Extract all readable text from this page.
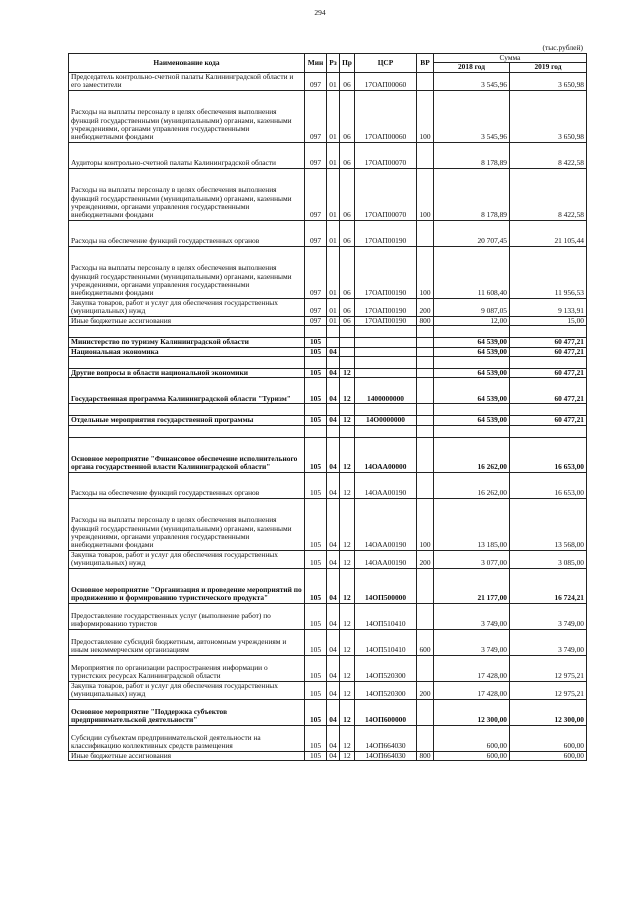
294
(тыс.рублей)
Наименование кода	Мин	Рз	Пр	ЦСР	ВР	Сумма	
						2018 год	2019 год
Председатель контрольно-счетной палаты Калининградской области и его заместители	097	01	06	17ОАП00060		3 545,96	3 650,98
Расходы на выплаты персоналу в целях обеспечения выполнения функций государственными (муниципальными) органами, казенными учреждениями, органами управления государственными внебюджетными фондами	097	01	06	17ОАП00060	100	3 545,96	3 650,98
Аудиторы контрольно-счетной палаты Калининградской области	097	01	06	17ОАП00070		8 178,89	8 422,58
Расходы на выплаты персоналу в целях обеспечения выполнения функций государственными (муниципальными) органами, казенными учреждениями, органами управления государственными внебюджетными фондами	097	01	06	17ОАП00070	100	8 178,89	8 422,58
Расходы на обеспечение функций государственных органов	097	01	06	17ОАП00190		20 707,45	21 105,44
Расходы на выплаты персоналу в целях обеспечения выполнения функций государственными (муниципальными) органами, казенными учреждениями, органами управления государственными внебюджетными фондами	097	01	06	17ОАП00190	100	11 608,40	11 956,53
Закупка товаров, работ и услуг для обеспечения государственных (муниципальных) нужд	097	01	06	17ОАП00190	200	9 087,05	9 133,91
Иные бюджетные ассигнования	097	01	06	17ОАП00190	800	12,00	15,00

Министерство по туризму Калининградской области	105					64 539,00	60 477,21
Национальная экономика	105	04				64 539,00	60 477,21

Другие вопросы в области национальной экономики	105	04	12			64 539,00	60 477,21
Государственная программа Калининградской области "Туризм"	105	04	12	1400000000		64 539,00	60 477,21

Отдельные мероприятия государственной программы	105	04	12	14О0000000		64 539,00	60 477,21

Основное мероприятие "Финансовое обеспечение исполнительного органа государственной власти Калининградской области"	105	04	12	14ОАА00000		16 262,00	16 653,00
Расходы на обеспечение функций государственных органов	105	04	12	14ОАА00190		16 262,00	16 653,00
Расходы на выплаты персоналу в целях обеспечения выполнения функций государственными (муниципальными) органами, казенными учреждениями, органами управления государственными внебюджетными фондами	105	04	12	14ОАА00190	100	13 185,00	13 568,00
Закупка товаров, работ и услуг для обеспечения государственных (муниципальных) нужд	105	04	12	14ОАА00190	200	3 077,00	3 085,00
Основное мероприятие "Организация и проведение мероприятий по продвижению и формированию туристического продукта"	105	04	12	14ОП500000		21 177,00	16 724,21
Предоставление государственных услуг (выполнение работ) по информированию туристов	105	04	12	14ОП510410		3 749,00	3 749,00
Предоставление субсидий бюджетным, автономным учреждениям и иным некоммерческим организациям	105	04	12	14ОП510410	600	3 749,00	3 749,00
Мероприятия по организации распространения информации о туристских ресурсах Калининградской области	105	04	12	14ОП520300		17 428,00	12 975,21
Закупка товаров, работ и услуг для обеспечения государственных (муниципальных) нужд	105	04	12	14ОП520300	200	17 428,00	12 975,21
Основное мероприятие "Поддержка субъектов предпринимательской деятельности"	105	04	12	14ОП600000		12 300,00	12 300,00
Субсидии субъектам предпринимательской деятельности на классификацию коллективных средств размещения	105	04	12	14ОП664030		600,00	600,00
Иные бюджетные ассигнования	105	04	12	14ОП664030	800	600,00	600,00
